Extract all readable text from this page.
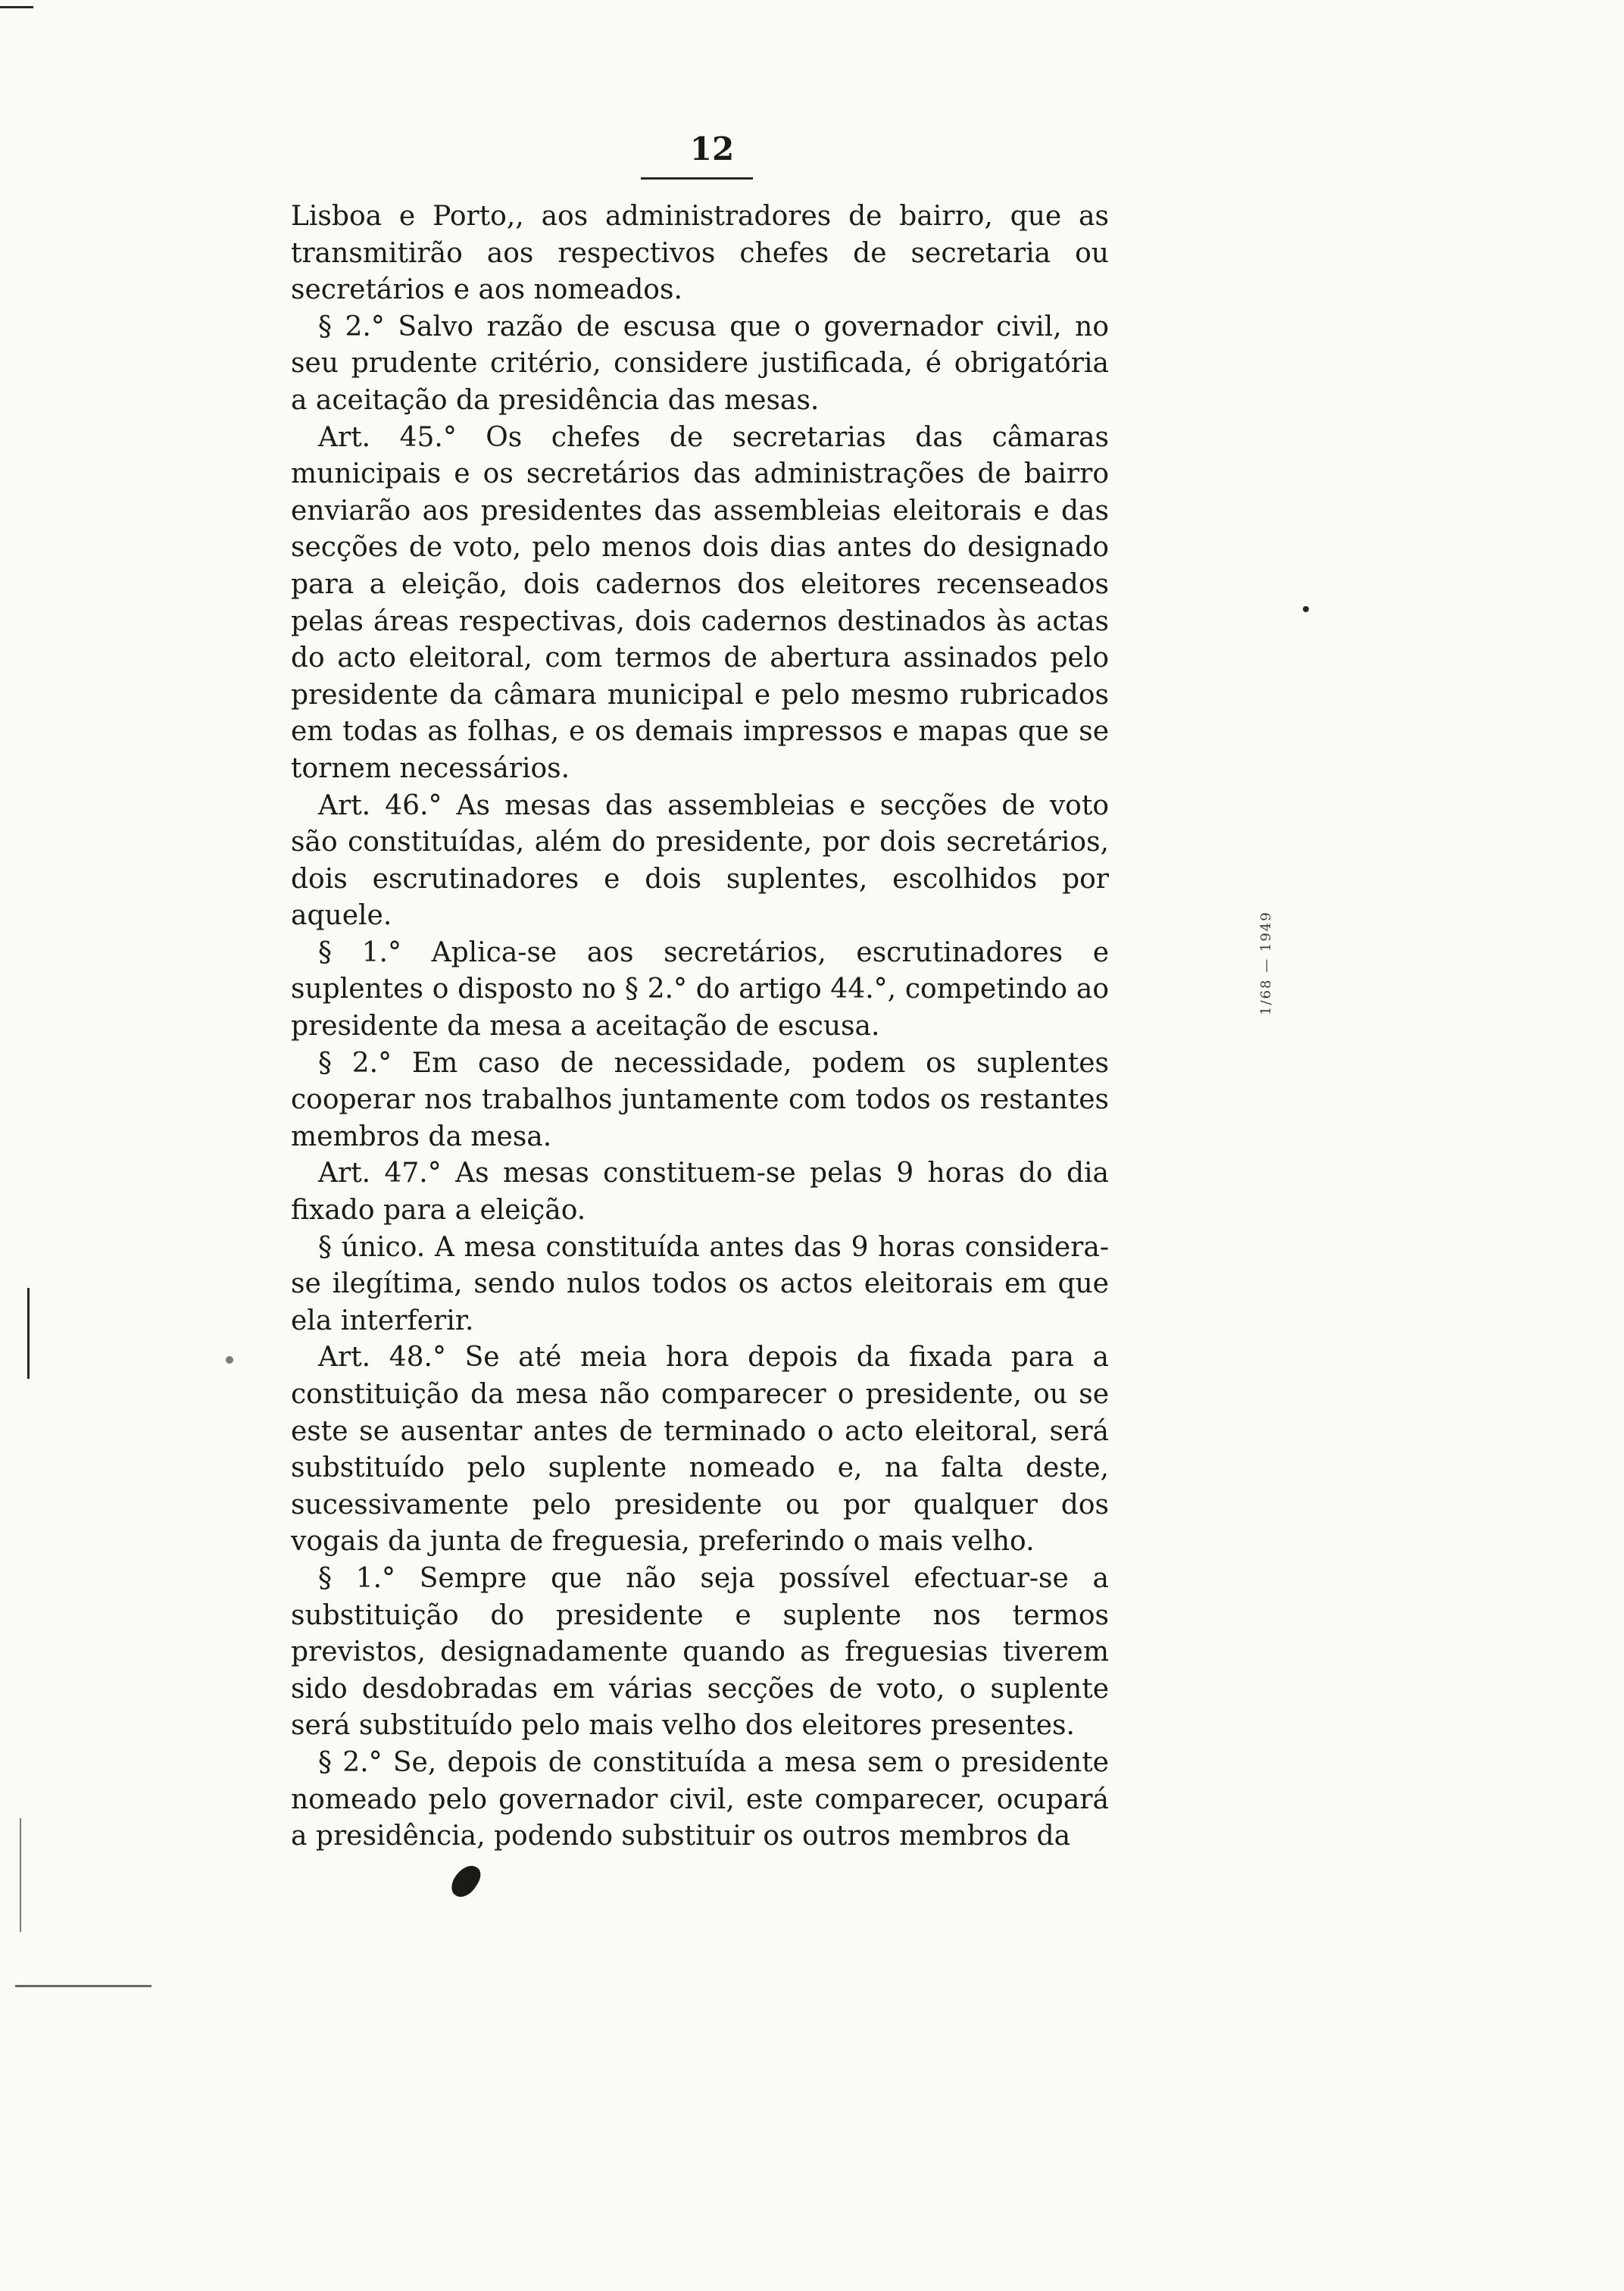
12

Lisboa e Porto,, aos administradores de bairro, que as transmitirão aos respectivos chefes de secretaria ou secretários e aos nomeados.

§ 2.° Salvo razão de escusa que o governador civil, no seu prudente critério, considere justificada, é obrigatória a aceitação da presidência das mesas.

Art. 45.° Os chefes de secretarias das câmaras municipais e os secretários das administrações de bairro enviarão aos presidentes das assembleias eleitorais e das secções de voto, pelo menos dois dias antes do designado para a eleição, dois cadernos dos eleitores recenseados pelas áreas respectivas, dois cadernos destinados às actas do acto eleitoral, com termos de abertura assinados pelo presidente da câmara municipal e pelo mesmo rubricados em todas as folhas, e os demais impressos e mapas que se tornem necessários.

Art. 46.° As mesas das assembleias e secções de voto são constituídas, além do presidente, por dois secretários, dois escrutinadores e dois suplentes, escolhidos por aquele.

§ 1.° Aplica-se aos secretários, escrutinadores e suplentes o disposto no § 2.° do artigo 44.°, competindo ao presidente da mesa a aceitação de escusa.

§ 2.° Em caso de necessidade, podem os suplentes cooperar nos trabalhos juntamente com todos os restantes membros da mesa.

Art. 47.° As mesas constituem-se pelas 9 horas do dia fixado para a eleição.

§ único. A mesa constituída antes das 9 horas considera-se ilegítima, sendo nulos todos os actos eleitorais em que ela interferir.

Art. 48.° Se até meia hora depois da fixada para a constituição da mesa não comparecer o presidente, ou se este se ausentar antes de terminado o acto eleitoral, será substituído pelo suplente nomeado e, na falta deste, sucessivamente pelo presidente ou por qualquer dos vogais da junta de freguesia, preferindo o mais velho.

§ 1.° Sempre que não seja possível efectuar-se a substituição do presidente e suplente nos termos previstos, designadamente quando as freguesias tiverem sido desdobradas em várias secções de voto, o suplente será substituído pelo mais velho dos eleitores presentes.

§ 2.° Se, depois de constituída a mesa sem o presidente nomeado pelo governador civil, este comparecer, ocupará a presidência, podendo substituir os outros membros da

1/68 — 1949
